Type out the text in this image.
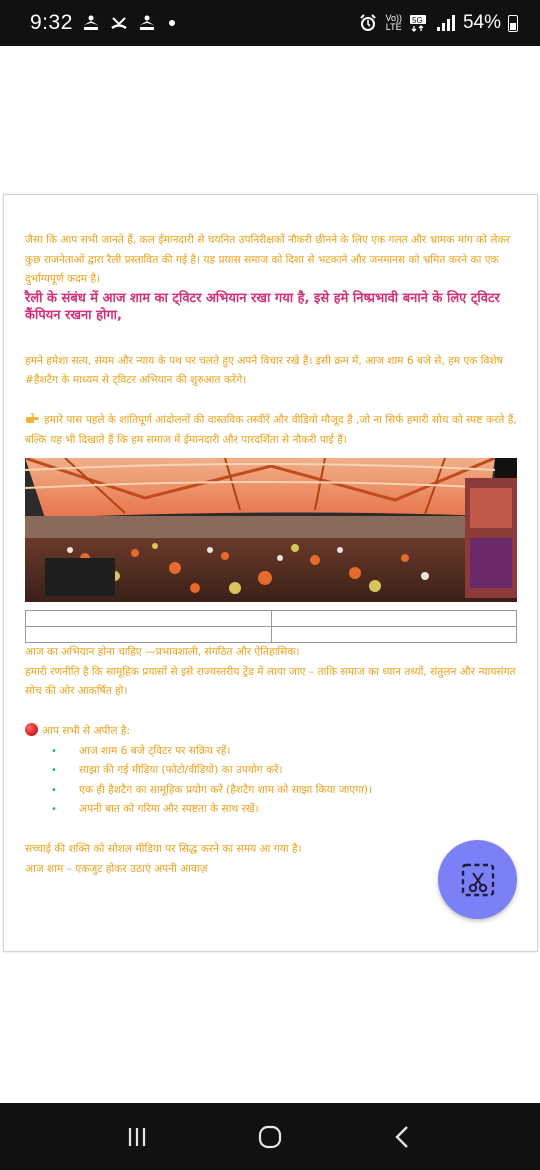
9:32	Vo))
LTE
5G 54%

जैसा कि आप सभी जानते हैं, कल ईमानदारी से चयनित उपनिरीक्षकों नौकरी छीनने के लिए एक गलत और भ्रामक मांग को लेकर कुछ राजनेताओं द्वारा रैली प्रस्तावित की गई है। यह प्रयास समाज को दिशा से भटकाने और जनमानस को भ्रमित करने का एक दुर्भाग्यपूर्ण कदम है।

रैली के संबंध में आज शाम का ट्विटर अभियान रखा गया है, इसे हमे निष्प्रभावी बनाने के लिए ट्विटर कैंपियन रखना होगा,

हमने हमेशा सत्य, संयम और न्याय के पथ पर चलते हुए अपने विचार रखे हैं। इसी क्रम में, आज शाम 6 बजे से, हम एक विशेष #हैशटैग के माध्यम से ट्विटर अभियान की शुरुआत करेंगे।

हमारे पास पहले के शांतिपूर्ण आंदोलनों की वास्तविक तस्वीरें और वीडियो मौजूद हैं ,जो ना सिर्फ हमारी सोच को स्पष्ट करते हैं, बल्कि यह भी दिखाते हैं कि हम समाज में ईमानदारी और पारदर्शिता से नौकरी पाई हैं।

आज का अभियान होना चाहिए —प्रभावशाली, संगठित और ऐतिहासिक।

हमारी रणनीति है कि सामूहिक प्रयासों से इसे राज्यस्तरीय ट्रेंड में लाया जाए – ताकि समाज का ध्यान तथ्यों, संतुलन और न्यायसंगत सोच की ओर आकर्षित हो।

आप सभी से अपील है:

• आज शाम 6 बजे ट्विटर पर सक्रिय रहें।
• साझा की गई मीडिया (फोटो/वीडियो) का उपयोग करें।
• एक ही हैशटैग का सामूहिक प्रयोग करें (हैशटैग शाम को साझा किया जाएगा)।
• अपनी बात को गरिमा और स्पष्टता के साथ रखें।

सच्चाई की शक्ति को सोशल मीडिया पर सिद्ध करने का समय आ गया है।

आज शाम – एकजुट होकर उठाएं अपनी आवाज़
